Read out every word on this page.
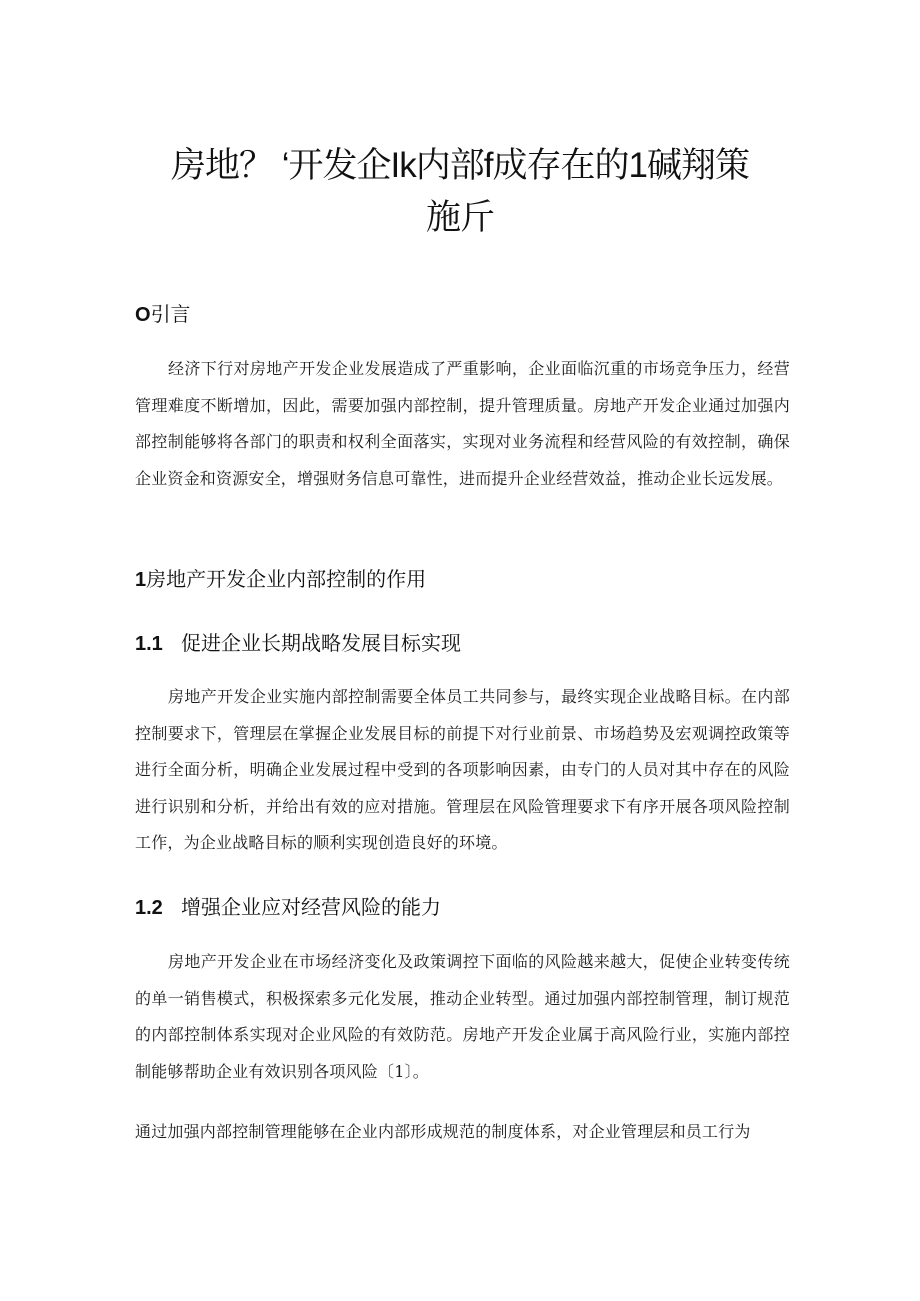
房地？ ‘开发企Ik内部f成存在的1碱翔策
施斤
O引言
经济下行对房地产开发企业发展造成了严重影响，企业面临沉重的市场竞争压力，经营管理难度不断增加，因此，需要加强内部控制，提升管理质量。房地产开发企业通过加强内部控制能够将各部门的职责和权利全面落实，实现对业务流程和经营风险的有效控制，确保企业资金和资源安全，增强财务信息可靠性，进而提升企业经营效益，推动企业长远发展。
1房地产开发企业内部控制的作用
1.1 促进企业长期战略发展目标实现
房地产开发企业实施内部控制需要全体员工共同参与，最终实现企业战略目标。在内部控制要求下，管理层在掌握企业发展目标的前提下对行业前景、市场趋势及宏观调控政策等进行全面分析，明确企业发展过程中受到的各项影响因素，由专门的人员对其中存在的风险进行识别和分析，并给出有效的应对措施。管理层在风险管理要求下有序开展各项风险控制工作，为企业战略目标的顺利实现创造良好的环境。
1.2 增强企业应对经营风险的能力
房地产开发企业在市场经济变化及政策调控下面临的风险越来越大，促使企业转变传统的单一销售模式，积极探索多元化发展，推动企业转型。通过加强内部控制管理，制订规范的内部控制体系实现对企业风险的有效防范。房地产开发企业属于高风险行业，实施内部控制能够帮助企业有效识别各项风险〔1〕。
通过加强内部控制管理能够在企业内部形成规范的制度体系，对企业管理层和员工行为
